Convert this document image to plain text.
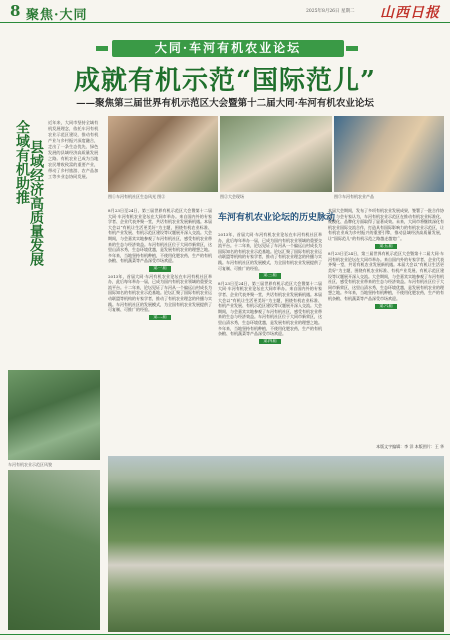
8 聚焦·大同	2025年8月26日 星期二 山西日报
大同·车河有机农业论坛
成就有机示范“国际范儿”
——聚焦第三届世界有机示范区大会暨第十二届大同·车河有机农业论坛
全域有机助推
县域经济高质量发展
近年来，大同市坚持全域有机发展理念，依托车河有机农业示范区建设，推动有机产业与乡村振兴深度融合，走出了一条生态优先、绿色发展的县域经济高质量发展之路。有机农业已成为当地农民增收致富的重要产业，带动了乡村旅游、农产品加工等多业态协同发展。
车河有机农业示范区风貌
图①车河有机社区生态风光 图②	图②大会现场	图③车河有机农业产品
8月23日至24日，第三届世界有机示范区大会暨第十二届大同·车河有机农业论坛在大同市举办。来自国内外的专家学者、企业代表齐聚一堂，共话有机农业发展新机遇。本届大会以“有机让生活更美好”为主题，围绕有机农业标准、有机产业发展、有机示范区建设等议题展开深入交流。大会期间，与会嘉宾实地参观了车河有机社区，感受有机农业带来的生态与经济效益。车河有机社区位于大同市新荣区，这里山清水秀，生态环境优越，是发展有机农业的理想之地。多年来，当地坚持有机种植，不使用化肥农药，生产的有机杂粮、有机蔬菜等产品深受市场欢迎。
第一届
2013年，首届大同·车河有机农业论坛在车河有机社区举办，此后每年举办一届，已成为国内有机农业领域的重要交流平台。十二年来，论坛见证了车河从一个偏远山村成长为国际知名的有机农业示范基地。论坛汇聚了国际有机农业运动联盟等机构的专家学者，推动了有机农业理念的传播与实践。车河有机社区的发展模式，为全国有机农业发展提供了可复制、可推广的经验。
第二届
车河有机农业论坛的历史脉动
2013年，首届大同·车河有机农业论坛在车河有机社区举办，此后每年举办一届，已成为国内有机农业领域的重要交流平台。十二年来，论坛见证了车河从一个偏远山村成长为国际知名的有机农业示范基地。论坛汇聚了国际有机农业运动联盟等机构的专家学者，推动了有机农业理念的传播与实践。车河有机社区的发展模式，为全国有机农业发展提供了可复制、可推广的经验。
第三届
8月23日至24日，第三届世界有机示范区大会暨第十二届大同·车河有机农业论坛在大同市举办。来自国内外的专家学者、企业代表齐聚一堂，共话有机农业发展新机遇。本届大会以“有机让生活更美好”为主题，围绕有机农业标准、有机产业发展、有机示范区建设等议题展开深入交流。大会期间，与会嘉宾实地参观了车河有机社区，感受有机农业带来的生态与经济效益。车河有机社区位于大同市新荣区，这里山清水秀，生态环境优越，是发展有机农业的理想之地。多年来，当地坚持有机种植，不使用化肥农药，生产的有机杂粮、有机蔬菜等产品深受市场欢迎。
第四届
本届大会期间，发布了多项有机农业发展成果，签署了一批合作协议。与会专家认为，车河有机农业示范区在推动有机农业标准化、规模化、品牌化方面取得了显著成效。未来，大同市将继续深化有机农业国际交流合作，打造具有国际影响力的有机农业示范区，让有机农业成为乡村振兴的重要引擎，推动县域经济高质量发展，让“国际范儿”的有机示范之路越走越宽广。
第五届
8月23日至24日，第三届世界有机示范区大会暨第十二届大同·车河有机农业论坛在大同市举办。来自国内外的专家学者、企业代表齐聚一堂，共话有机农业发展新机遇。本届大会以“有机让生活更美好”为主题，围绕有机农业标准、有机产业发展、有机示范区建设等议题展开深入交流。大会期间，与会嘉宾实地参观了车河有机社区，感受有机农业带来的生态与经济效益。车河有机社区位于大同市新荣区，这里山清水秀，生态环境优越，是发展有机农业的理想之地。多年来，当地坚持有机种植，不使用化肥农药，生产的有机杂粮、有机蔬菜等产品深受市场欢迎。
第六届
本版文字编辑：李 洋 本版图片：王 华
